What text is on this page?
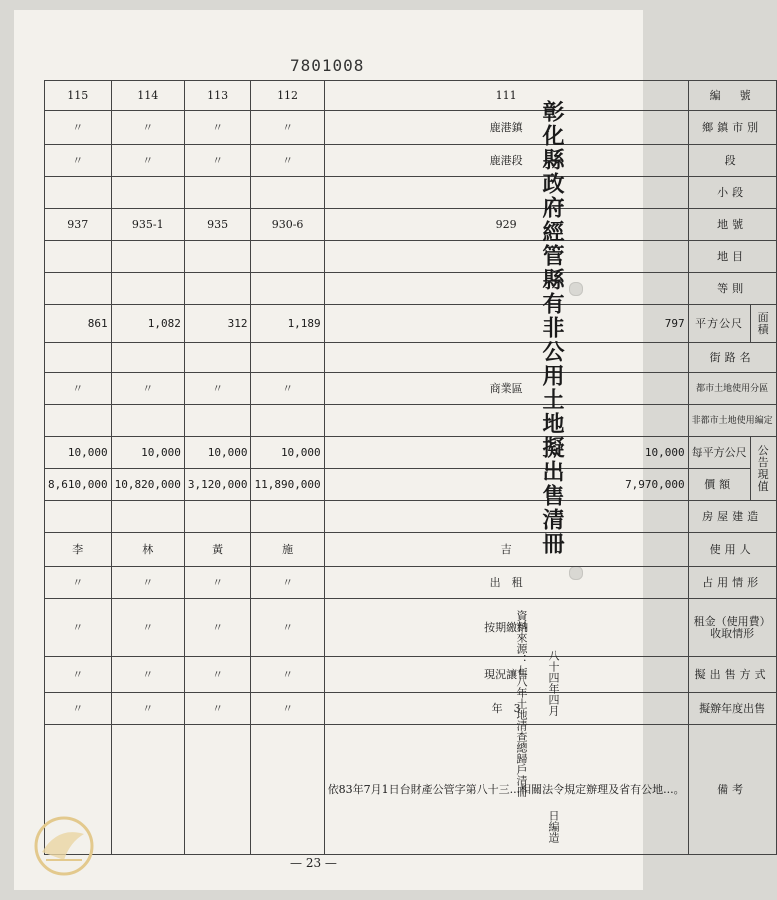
7801008
115	114	113	112	111	編　號	
〃	〃	〃	〃	鹿港鎮	鄉鎮市別	
〃	〃	〃	〃	鹿港段	段	
					小段	
937	935-1	935	930-6	929	地號	
					地目	
					等則	
861	1,082	312	1,189	797	平方公尺	面積
					街路名	
〃	〃	〃	〃	商業區	都市土地使用分區	
					非都市土地使用編定	
10,000	10,000	10,000	10,000	10,000	每平方公尺	公告現值
8,610,000	10,820,000	3,120,000	11,890,000	7,970,000	價額	
					房屋建造	
李	林	黃	施	吉	使用人	
〃	〃	〃	〃	出　租	占用情形	
〃	〃	〃	〃	按期繳納	租金（使用費）收取情形	
〃	〃	〃	〃	現況讓售	擬出售方式	
〃	〃	〃	〃	年　3	擬辦年度出售	
				依83年7月1日台財產公管字第八十三...相關法令規定辦理及省有公地...。	備考	
彰化縣政府經管縣有非公用土地擬出售清冊
資料來源：七八年土地清查總歸戶清冊	八十四年四月
日編造
— 23 —
